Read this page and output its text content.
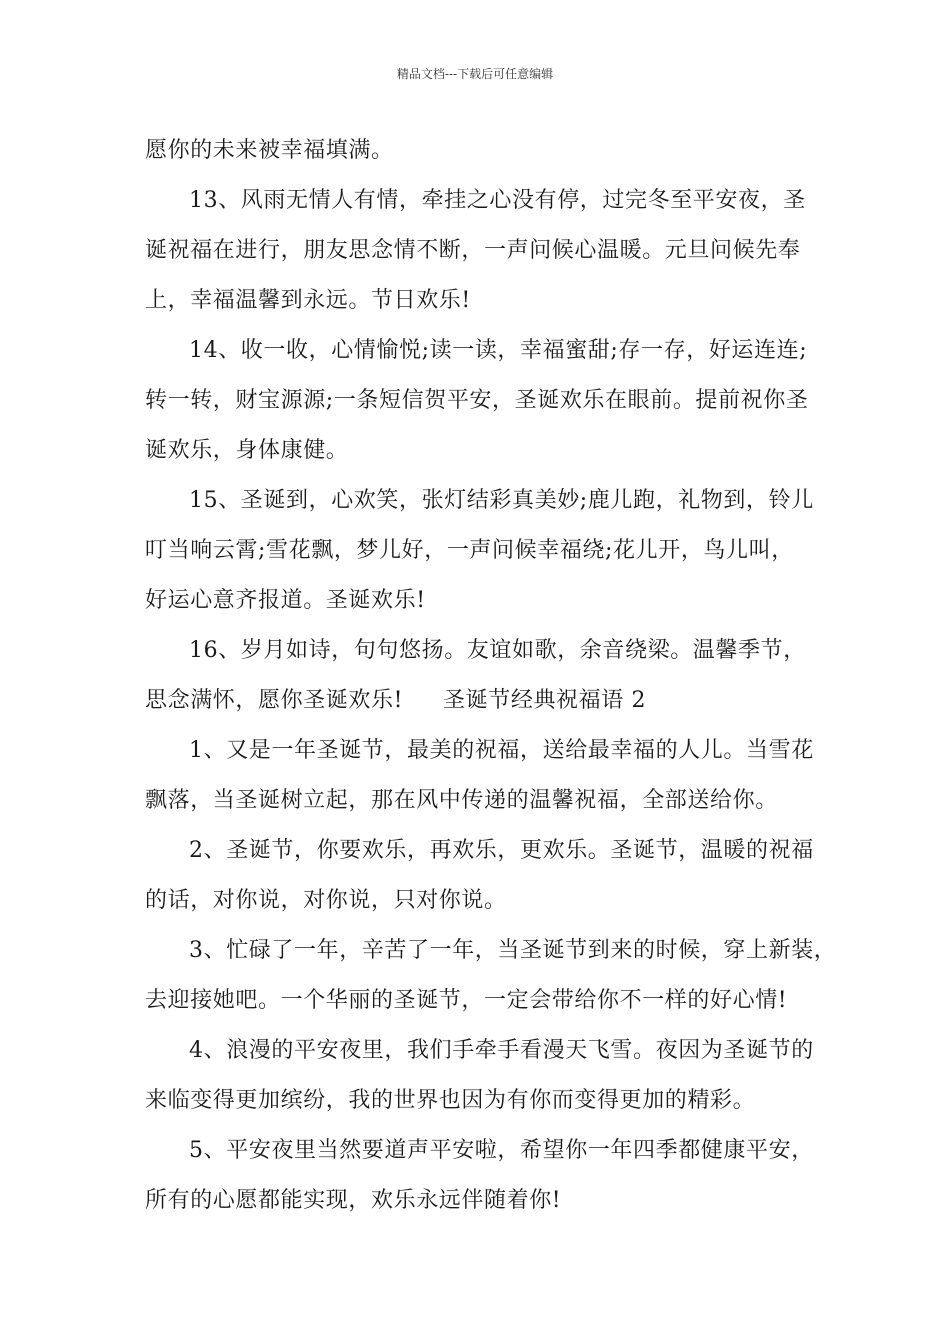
精品文档---下载后可任意编辑
愿你的未来被幸福填满。
13、风雨无情人有情，牵挂之心没有停，过完冬至平安夜，圣
诞祝福在进行，朋友思念情不断，一声问候心温暖。元旦问候先奉
上，幸福温馨到永远。节日欢乐!
14、收一收，心情愉悦;读一读，幸福蜜甜;存一存，好运连连;
转一转，财宝源源;一条短信贺平安，圣诞欢乐在眼前。提前祝你圣
诞欢乐，身体康健。
15、圣诞到，心欢笑，张灯结彩真美妙;鹿儿跑，礼物到，铃儿
叮当响云霄;雪花飘，梦儿好，一声问候幸福绕;花儿开，鸟儿叫，
好运心意齐报道。圣诞欢乐!
16、岁月如诗，句句悠扬。友谊如歌，余音绕梁。温馨季节，
思念满怀，愿你圣诞欢乐! 圣诞节经典祝福语 2
1、又是一年圣诞节，最美的祝福，送给最幸福的人儿。当雪花
飘落，当圣诞树立起，那在风中传递的温馨祝福，全部送给你。
2、圣诞节，你要欢乐，再欢乐，更欢乐。圣诞节，温暖的祝福
的话，对你说，对你说，只对你说。
3、忙碌了一年，辛苦了一年，当圣诞节到来的时候，穿上新装，
去迎接她吧。一个华丽的圣诞节，一定会带给你不一样的好心情!
4、浪漫的平安夜里，我们手牵手看漫天飞雪。夜因为圣诞节的
来临变得更加缤纷，我的世界也因为有你而变得更加的精彩。
5、平安夜里当然要道声平安啦，希望你一年四季都健康平安，
所有的心愿都能实现，欢乐永远伴随着你!
